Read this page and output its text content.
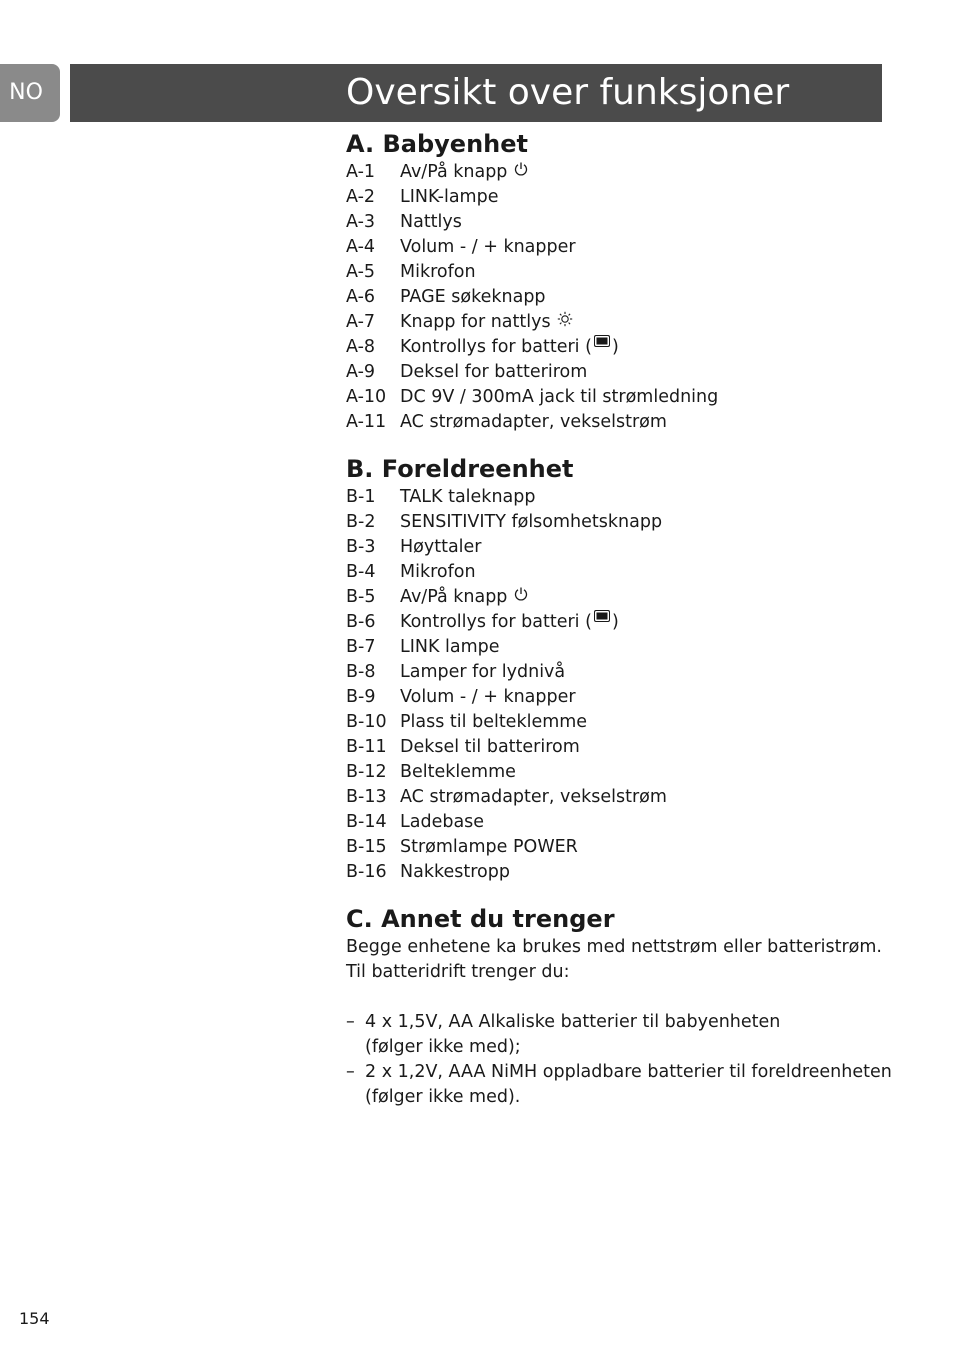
NO	Oversikt over funksjoner
A. Babyenhet
A-1	Av/På knapp
A-2	LINK-lampe
A-3	Nattlys
A-4	Volum - / + knapper
A-5	Mikrofon
A-6	PAGE søkeknapp
A-7	Knapp for nattlys
A-8	Kontrollys for batteri ( )
A-9	Deksel for batterirom
A-10 DC 9V / 300mA jack til strømledning
A-11 AC strømadapter, vekselstrøm
B. Foreldreenhet
B-1	TALK taleknapp
B-2	SENSITIVITY følsomhetsknapp
B-3	Høyttaler
B-4	Mikrofon
B-5	Av/På knapp
B-6	Kontrollys for batteri ( )
B-7	LINK lampe
B-8	Lamper for lydnivå
B-9	Volum - / + knapper
B-10 Plass til belteklemme
B-11 Deksel til batterirom
B-12 Belteklemme
B-13 AC strømadapter, vekselstrøm
B-14 Ladebase
B-15 Strømlampe POWER
B-16 Nakkestropp
C. Annet du trenger

Begge enhetene ka brukes med nettstrøm eller batteristrøm.

Til batteridrift trenger du:

– 4 x 1,5V, AA Alkaliske batterier til babyenheten
(følger ikke med);
– 2 x 1,2V, AAA NiMH oppladbare batterier til foreldreenheten
(følger ikke med).
154
